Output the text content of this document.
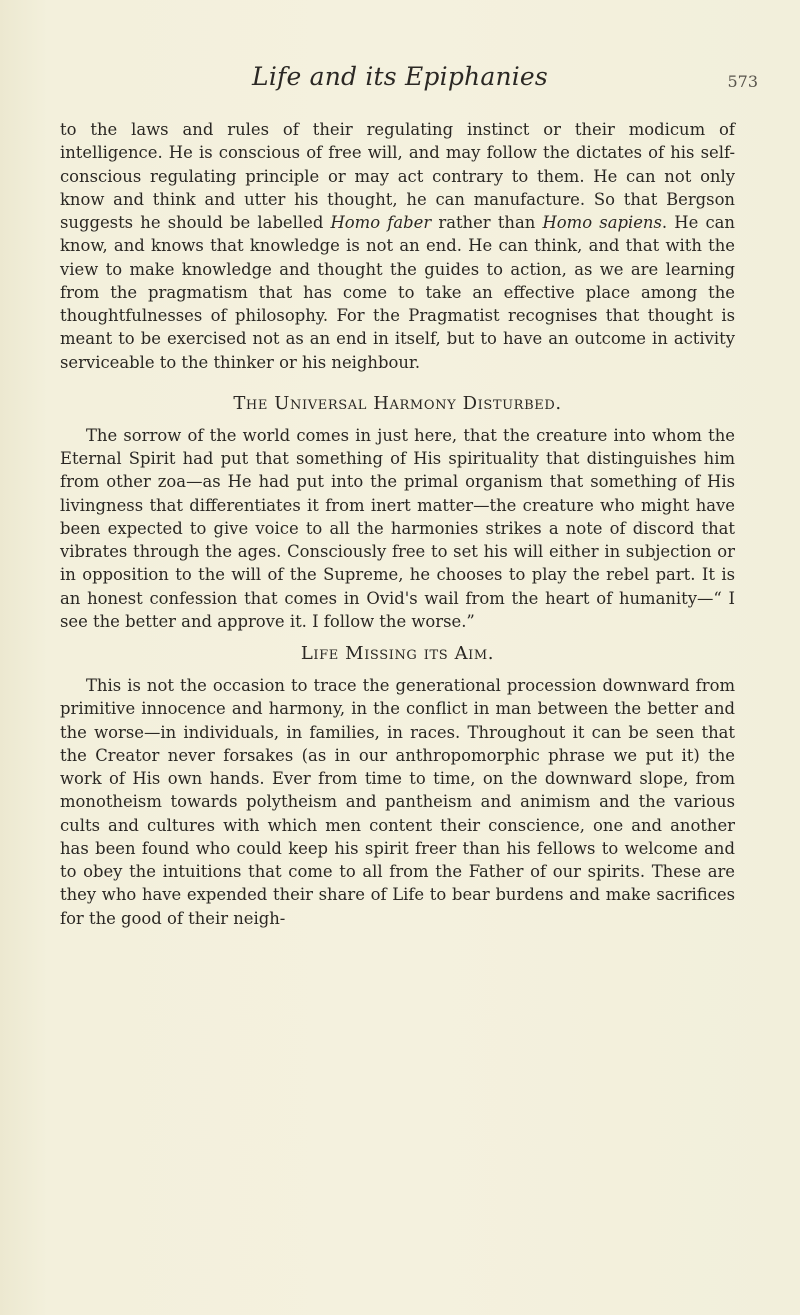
Life and its Epiphanies	573

to the laws and rules of their regulating instinct or their modicum of intelligence. He is conscious of free will, and may follow the dictates of his self-conscious regulating principle or may act contrary to them. He can not only know and think and utter his thought, he can manufacture. So that Bergson suggests he should be labelled Homo faber rather than Homo sapiens. He can know, and knows that knowledge is not an end. He can think, and that with the view to make knowledge and thought the guides to action, as we are learning from the pragmatism that has come to take an effective place among the thoughtfulnesses of philosophy. For the Pragmatist recognises that thought is meant to be exercised not as an end in itself, but to have an outcome in activity serviceable to the thinker or his neighbour.

The Universal Harmony Disturbed.

The sorrow of the world comes in just here, that the creature into whom the Eternal Spirit had put that something of His spirituality that distinguishes him from other zoa—as He had put into the primal organism that something of His livingness that differentiates it from inert matter—the creature who might have been expected to give voice to all the harmonies strikes a note of discord that vibrates through the ages. Consciously free to set his will either in subjection or in opposition to the will of the Supreme, he chooses to play the rebel part. It is an honest confession that comes in Ovid's wail from the heart of humanity—“ I see the better and approve it. I follow the worse.”

Life Missing its Aim.

This is not the occasion to trace the generational procession downward from primitive innocence and harmony, in the conflict in man between the better and the worse—in individuals, in families, in races. Throughout it can be seen that the Creator never forsakes (as in our anthropomorphic phrase we put it) the work of His own hands. Ever from time to time, on the downward slope, from monotheism towards polytheism and pantheism and animism and the various cults and cultures with which men content their conscience, one and another has been found who could keep his spirit freer than his fellows to welcome and to obey the intuitions that come to all from the Father of our spirits. These are they who have expended their share of Life to bear burdens and make sacrifices for the good of their neigh-
